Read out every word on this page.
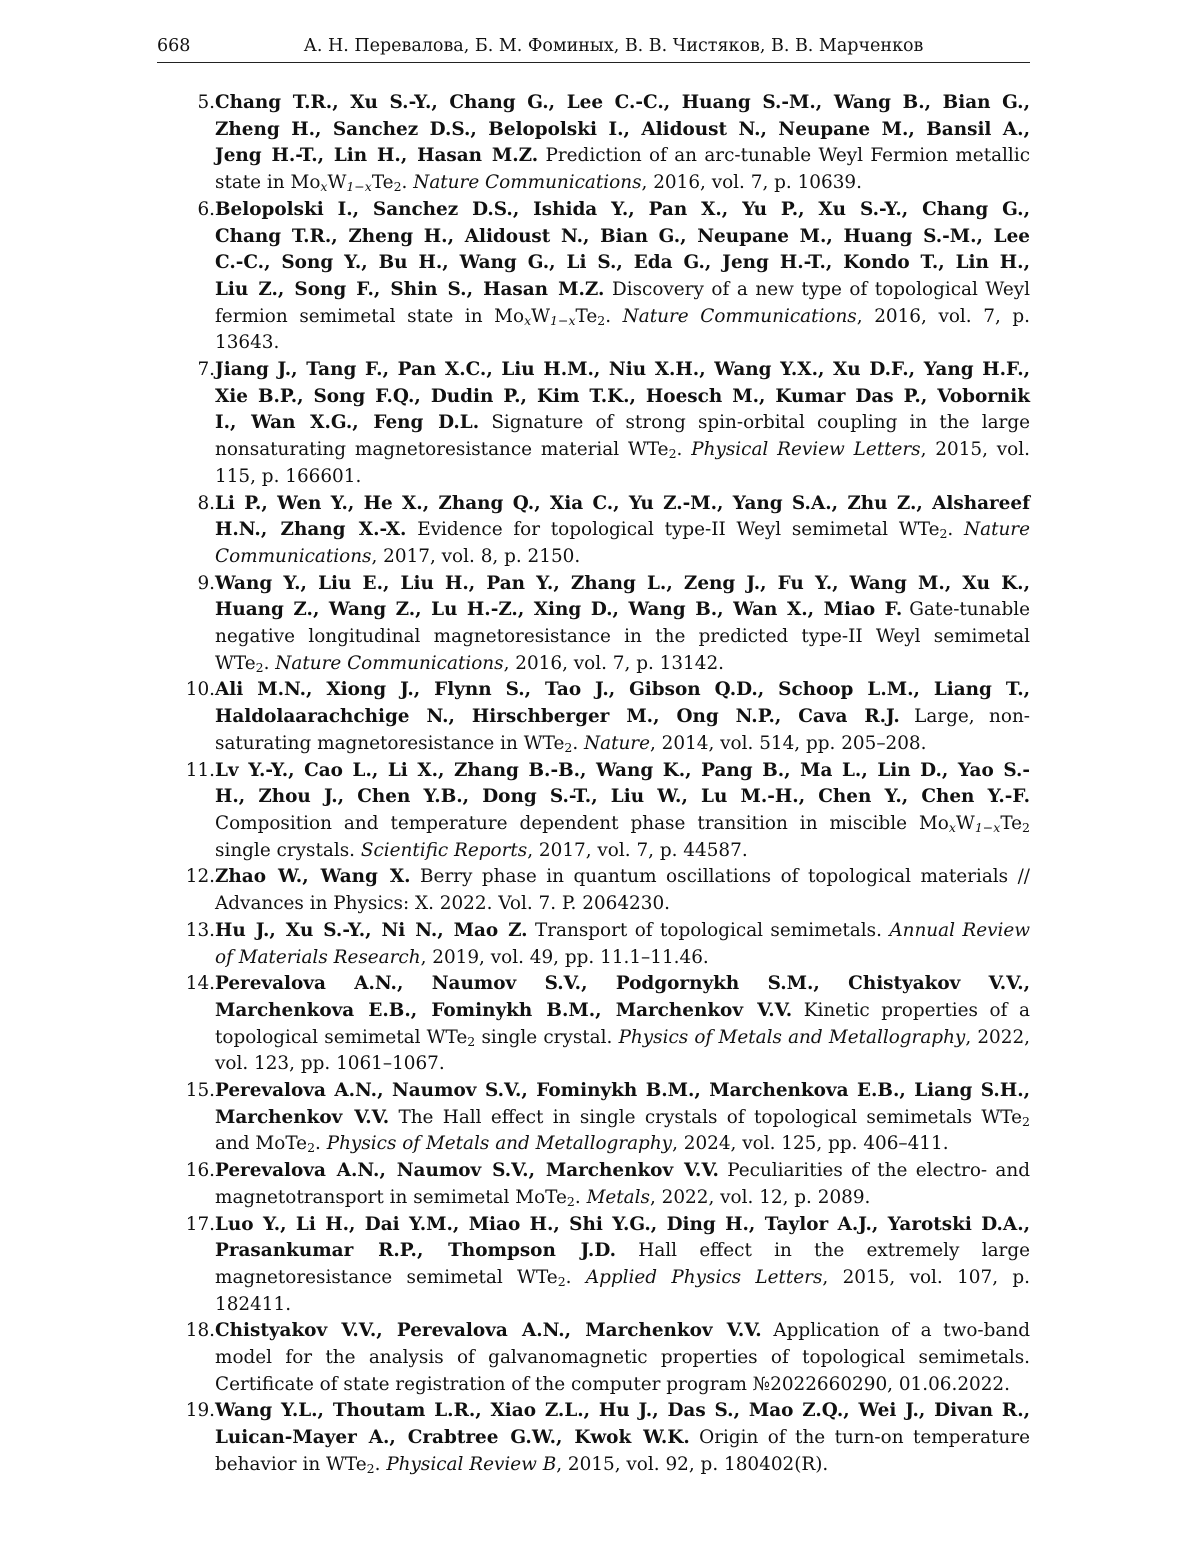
668	А. Н. Перевалова, Б. М. Фоминых, В. В. Чистяков, В. В. Марченков
5. Chang T.R., Xu S.-Y., Chang G., Lee C.-C., Huang S.-M., Wang B., Bian G., Zheng H., Sanchez D.S., Belopolski I., Alidoust N., Neupane M., Bansil A., Jeng H.-T., Lin H., Hasan M.Z. Prediction of an arc-tunable Weyl Fermion metallic state in MoxW1−xTe2. Nature Communications, 2016, vol. 7, p. 10639.
6. Belopolski I., Sanchez D.S., Ishida Y., Pan X., Yu P., Xu S.-Y., Chang G., Chang T.R., Zheng H., Alidoust N., Bian G., Neupane M., Huang S.-M., Lee C.-C., Song Y., Bu H., Wang G., Li S., Eda G., Jeng H.-T., Kondo T., Lin H., Liu Z., Song F., Shin S., Hasan M.Z. Discovery of a new type of topological Weyl fermion semimetal state in MoxW1−xTe2. Nature Communications, 2016, vol. 7, p. 13643.
7. Jiang J., Tang F., Pan X.C., Liu H.M., Niu X.H., Wang Y.X., Xu D.F., Yang H.F., Xie B.P., Song F.Q., Dudin P., Kim T.K., Hoesch M., Kumar Das P., Vobornik I., Wan X.G., Feng D.L. Signature of strong spin-orbital coupling in the large nonsaturating magnetoresistance material WTe2. Physical Review Letters, 2015, vol. 115, p. 166601.
8. Li P., Wen Y., He X., Zhang Q., Xia C., Yu Z.-M., Yang S.A., Zhu Z., Alshareef H.N., Zhang X.-X. Evidence for topological type-II Weyl semimetal WTe2. Nature Communications, 2017, vol. 8, p. 2150.
9. Wang Y., Liu E., Liu H., Pan Y., Zhang L., Zeng J., Fu Y., Wang M., Xu K., Huang Z., Wang Z., Lu H.-Z., Xing D., Wang B., Wan X., Miao F. Gate-tunable negative longitudinal magnetoresistance in the predicted type-II Weyl semimetal WTe2. Nature Communications, 2016, vol. 7, p. 13142.
10. Ali M.N., Xiong J., Flynn S., Tao J., Gibson Q.D., Schoop L.M., Liang T., Haldolaarachchige N., Hirschberger M., Ong N.P., Cava R.J. Large, non-saturating magnetoresistance in WTe2. Nature, 2014, vol. 514, pp. 205–208.
11. Lv Y.-Y., Cao L., Li X., Zhang B.-B., Wang K., Pang B., Ma L., Lin D., Yao S.-H., Zhou J., Chen Y.B., Dong S.-T., Liu W., Lu M.-H., Chen Y., Chen Y.-F. Composition and temperature dependent phase transition in miscible MoxW1−xTe2 single crystals. Scientific Reports, 2017, vol. 7, p. 44587.
12. Zhao W., Wang X. Berry phase in quantum oscillations of topological materials // Advances in Physics: X. 2022. Vol. 7. P. 2064230.
13. Hu J., Xu S.-Y., Ni N., Mao Z. Transport of topological semimetals. Annual Review of Materials Research, 2019, vol. 49, pp. 11.1–11.46.
14. Perevalova A.N., Naumov S.V., Podgornykh S.M., Chistyakov V.V., Marchenkova E.B., Fominykh B.M., Marchenkov V.V. Kinetic properties of a topological semimetal WTe2 single crystal. Physics of Metals and Metallography, 2022, vol. 123, pp. 1061–1067.
15. Perevalova A.N., Naumov S.V., Fominykh B.M., Marchenkova E.B., Liang S.H., Marchenkov V.V. The Hall effect in single crystals of topological semimetals WTe2 and MoTe2. Physics of Metals and Metallography, 2024, vol. 125, pp. 406–411.
16. Perevalova A.N., Naumov S.V., Marchenkov V.V. Peculiarities of the electro- and magnetotransport in semimetal MoTe2. Metals, 2022, vol. 12, p. 2089.
17. Luo Y., Li H., Dai Y.M., Miao H., Shi Y.G., Ding H., Taylor A.J., Yarotski D.A., Prasankumar R.P., Thompson J.D. Hall effect in the extremely large magnetoresistance semimetal WTe2. Applied Physics Letters, 2015, vol. 107, p. 182411.
18. Chistyakov V.V., Perevalova A.N., Marchenkov V.V. Application of a two-band model for the analysis of galvanomagnetic properties of topological semimetals. Certificate of state registration of the computer program №2022660290, 01.06.2022.
19. Wang Y.L., Thoutam L.R., Xiao Z.L., Hu J., Das S., Mao Z.Q., Wei J., Divan R., Luican-Mayer A., Crabtree G.W., Kwok W.K. Origin of the turn-on temperature behavior in WTe2. Physical Review B, 2015, vol. 92, p. 180402(R).
